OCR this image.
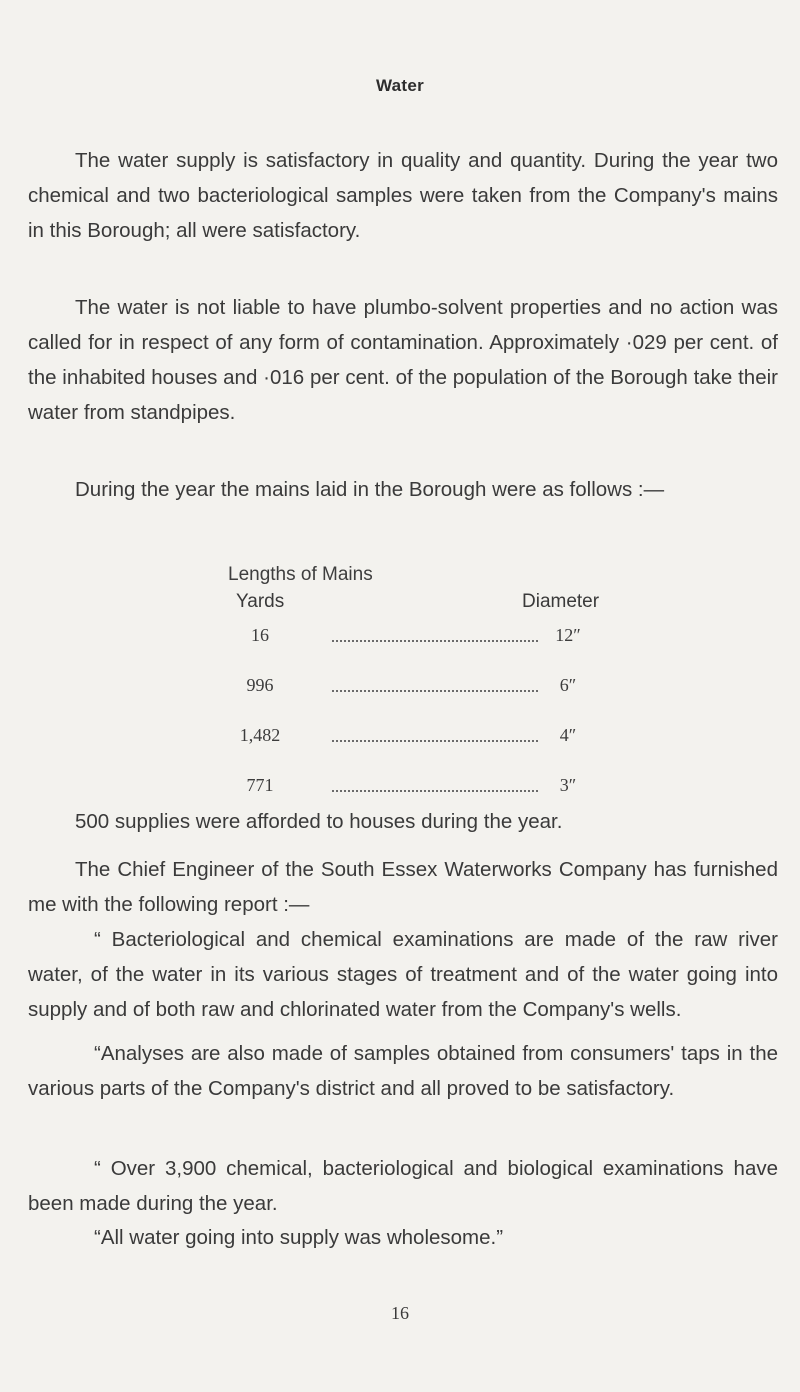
Water

The water supply is satisfactory in quality and quantity. During the year two chemical and two bacteriological samples were taken from the Company's mains in this Borough; all were satisfactory.

The water is not liable to have plumbo-solvent properties and no action was called for in respect of any form of contamination. Approximately ·029 per cent. of the inhabited houses and ·016 per cent. of the population of the Borough take their water from standpipes.

During the year the mains laid in the Borough were as follows :—

Lengths of Mains
Yards	Diameter
16	12″
996	6″
1,482	4″
771	3″

500 supplies were afforded to houses during the year.

The Chief Engineer of the South Essex Waterworks Company has furnished me with the following report :—

“ Bacteriological and chemical examinations are made of the raw river water, of the water in its various stages of treatment and of the water going into supply and of both raw and chlorinated water from the Company's wells.

“Analyses are also made of samples obtained from consumers' taps in the various parts of the Company's district and all proved to be satisfactory.

“ Over 3,900 chemical, bacteriological and biological examinations have been made during the year.

“All water going into supply was wholesome.”

16
